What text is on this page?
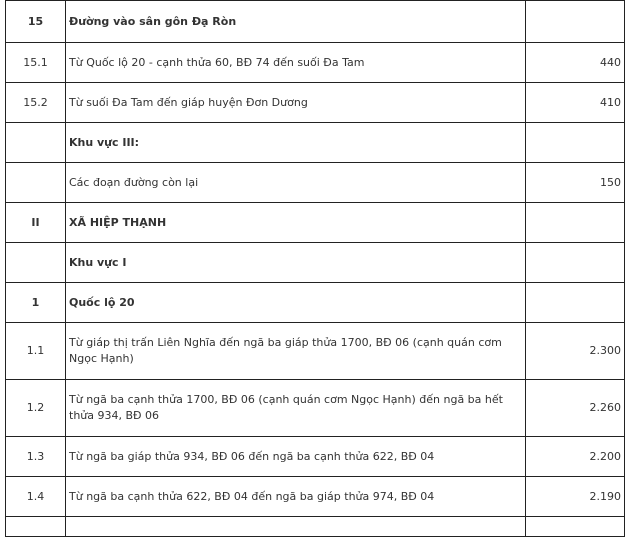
15	Đường vào sân gôn Đạ Ròn	
15.1	Từ Quốc lộ 20 - cạnh thửa 60, BĐ 74 đến suối Đa Tam	440
15.2	Từ suối Đa Tam đến giáp huyện Đơn Dương	410
	Khu vực III:	
	Các đoạn đường còn lại	150
II	XÃ HIỆP THẠNH	
	Khu vực I	
1	Quốc lộ 20	
1.1	Từ giáp thị trấn Liên Nghĩa đến ngã ba giáp thửa 1700, BĐ 06 (cạnh quán cơm Ngọc Hạnh)	2.300
1.2	Từ ngã ba cạnh thửa 1700, BĐ 06 (cạnh quán cơm Ngọc Hạnh) đến ngã ba hết thửa 934, BĐ 06	2.260
1.3	Từ ngã ba giáp thửa 934, BĐ 06 đến ngã ba cạnh thửa 622, BĐ 04	2.200
1.4	Từ ngã ba cạnh thửa 622, BĐ 04 đến ngã ba giáp thửa 974, BĐ 04	2.190
